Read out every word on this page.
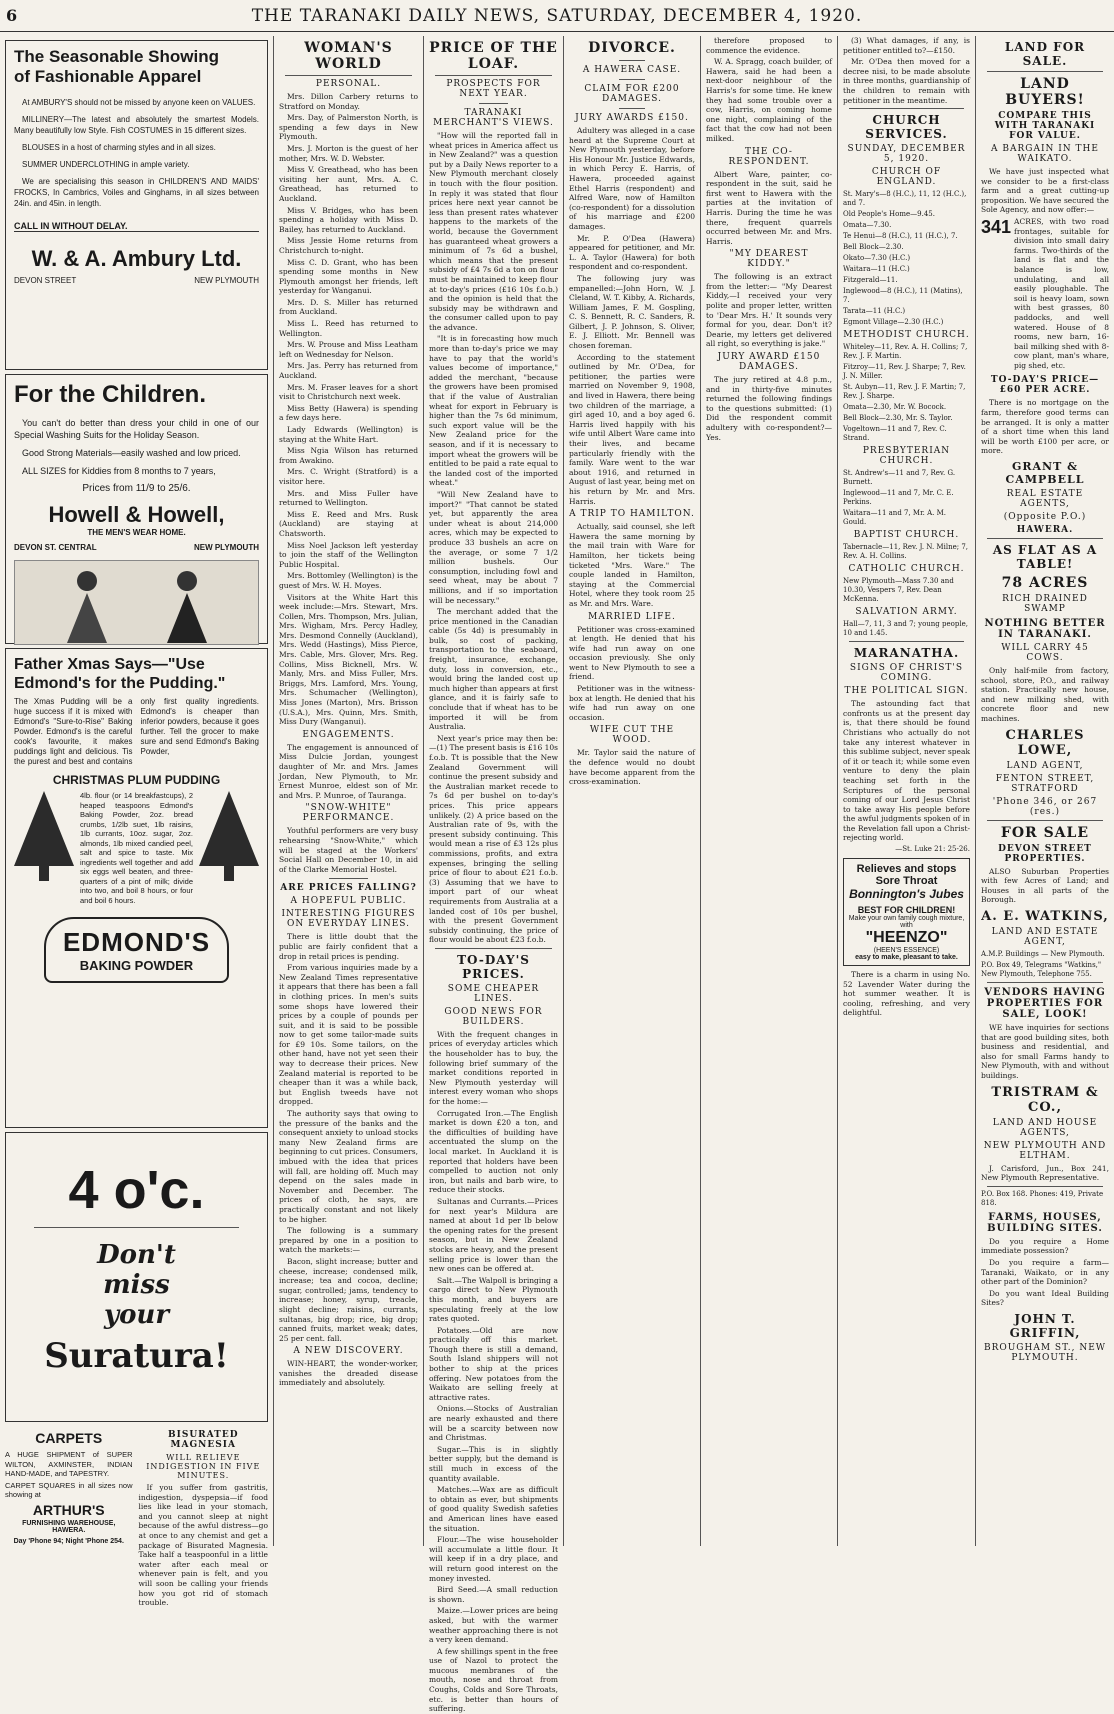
6	THE TARANAKI DAILY NEWS, SATURDAY, DECEMBER 4, 1920.
The Seasonable Showing
of Fashionable Apparel

At AMBURY'S should not be missed by anyone keen on VALUES.

MILLINERY—The latest and absolutely the smartest Models. Many beautifully low Style. Fish COSTUMES in 15 different sizes.

BLOUSES in a host of charming styles and in all sizes.

SUMMER UNDERCLOTHING in ample variety.

We are specialising this season in CHILDREN'S AND MAIDS' FROCKS, In Cambrics, Voiles and Ginghams, in all sizes between 24in. and 45in. in length.

CALL IN WITHOUT DELAY.
W. & A. Ambury Ltd.
DEVON STREET	NEW PLYMOUTH
For the Children.

You can't do better than dress your child in one of our Special Washing Suits for the Holiday Season.

Good Strong Materials—easily washed and low priced.

ALL SIZES for Kiddies from 8 months to 7 years,

Prices from 11/9 to 25/6.
Howell & Howell,
THE MEN'S WEAR HOME.
DEVON ST. CENTRAL	NEW PLYMOUTH
Father Xmas Says—"Use Edmond's for the Pudding."

The Xmas Pudding will be a huge success if it is mixed with Edmond's "Sure-to-Rise" Baking Powder. Edmond's is the careful cook's favourite, it makes puddings light and delicious. Tis the purest and best and contains only first quality ingredients. Edmond's is cheaper than inferior powders, because it goes further. Tell the grocer to make sure and send Edmond's Baking Powder,

CHRISTMAS PLUM PUDDING

4lb. flour (or 14 breakfastcups), 2 heaped teaspoons Edmond's Baking Powder, 2oz. bread crumbs, 1/2lb suet, 1lb raisins, 1lb currants, 10oz. sugar, 2oz. almonds, 1lb mixed candied peel, salt and spice to taste. Mix ingredients well together and add six eggs well beaten, and three-quarters of a pint of milk; divide into two, and boil 8 hours, or four and boil 6 hours.

EDMOND'S
BAKING POWDER
4 o'c.
Don't
miss
your
Suratura!
CARPETS

A HUGE SHIPMENT of SUPER WILTON, AXMINSTER, INDIAN HAND-MADE, and TAPESTRY.

CARPET SQUARES in all sizes now showing at

ARTHUR'S
FURNISHING WAREHOUSE, HAWERA.
Day 'Phone 94; Night 'Phone 254.
BISURATED MAGNESIA
WILL RELIEVE INDIGESTION IN FIVE MINUTES.

If you suffer from gastritis, indigestion, dyspepsia—if food lies like lead in your stomach, and you cannot sleep at night because of the awful distress—go at once to any chemist and get a package of Bisurated Magnesia. Take half a teaspoonful in a little water after each meal or whenever pain is felt, and you will soon be calling your friends how you got rid of stomach trouble.

WOMAN'S WORLD
PERSONAL.

Mrs. Dillon Carbery returns to Stratford on Monday.

Mrs. Day, of Palmerston North, is spending a few days in New Plymouth.

Mrs. J. Morton is the guest of her mother, Mrs. W. D. Webster.

Miss V. Greathead, who has been visiting her aunt, Mrs. A. C. Greathead, has returned to Auckland.

Miss V. Bridges, who has been spending a holiday with Miss D. Bailey, has returned to Auckland.

Miss Jessie Home returns from Christchurch to-night.

Miss C. D. Grant, who has been spending some months in New Plymouth amongst her friends, left yesterday for Wanganui.

Mrs. D. S. Miller has returned from Auckland.

Miss L. Reed has returned to Wellington.

Mrs. W. Prouse and Miss Leatham left on Wednesday for Nelson.

Mrs. Jas. Perry has returned from Auckland.

Mrs. M. Fraser leaves for a short visit to Christchurch next week.

Miss Betty (Hawera) is spending a few days here.

Lady Edwards (Wellington) is staying at the White Hart.

Miss Ngia Wilson has returned from Awakino.

Mrs. C. Wright (Stratford) is a visitor here.

Mrs. and Miss Fuller have returned to Wellington.

Miss E. Reed and Mrs. Rusk (Auckland) are staying at Chatsworth.

Miss Noel Jackson left yesterday to join the staff of the Wellington Public Hospital.

Mrs. Bottomley (Wellington) is the guest of Mrs. W. H. Moyes.

Visitors at the White Hart this week include:—Mrs. Stewart, Mrs. Collen, Mrs. Thompson, Mrs. Julian, Mrs. Wigham, Mrs. Percy Hadley, Mrs. Desmond Connelly (Auckland), Mrs. Wedd (Hastings), Miss Pierce, Mrs. Cable, Mrs. Glover, Mrs. Reg. Collins, Miss Bicknell, Mrs. W. Manly, Mrs. and Miss Fuller, Mrs. Briggs, Mrs. Lamford, Mrs. Young, Mrs. Schumacher (Wellington), Miss Jones (Marton), Mrs. Brisson (U.S.A.), Mrs. Quinn, Mrs. Smith, Miss Dury (Wanganui).

ENGAGEMENTS.

The engagement is announced of Miss Dulcie Jordan, youngest daughter of Mr. and Mrs. James Jordan, New Plymouth, to Mr. Ernest Munroe, eldest son of Mr. and Mrs. P. Munroe, of Tauranga.

"SNOW-WHITE" PERFORMANCE.

Youthful performers are very busy rehearsing "Snow-White," which will be staged at the Workers' Social Hall on December 10, in aid of the Clarke Memorial Hostel.

ARE PRICES FALLING?
A HOPEFUL PUBLIC.
INTERESTING FIGURES ON EVERYDAY LINES.

There is little doubt that the public are fairly confident that a drop in retail prices is pending.

From various inquiries made by a New Zealand Times representative it appears that there has been a fall in clothing prices. In men's suits some shops have lowered their prices by a couple of pounds per suit, and it is said to be possible now to get some tailor-made suits for £9 10s. Some tailors, on the other hand, have not yet seen their way to decrease their prices. New Zealand material is reported to be cheaper than it was a while back, but English tweeds have not dropped.

The authority says that owing to the pressure of the banks and the consequent anxiety to unload stocks many New Zealand firms are beginning to cut prices. Consumers, imbued with the idea that prices will fall, are holding off. Much may depend on the sales made in November and December. The prices of cloth, he says, are practically constant and not likely to be higher.

The following is a summary prepared by one in a position to watch the markets:—

Bacon, slight increase; butter and cheese, increase; condensed milk, increase; tea and cocoa, decline; sugar, controlled; jams, tendency to increase; honey, syrup, treacle, slight decline; raisins, currants, sultanas, big drop; rice, big drop; canned fruits, market weak; dates, 25 per cent. fall.

A NEW DISCOVERY.

WIN-HEART, the wonder-worker, vanishes the dreaded disease immediately and absolutely.

PRICE OF THE LOAF.
PROSPECTS FOR NEXT YEAR.
TARANAKI MERCHANT'S VIEWS.

"How will the reported fall in wheat prices in America affect us in New Zealand?" was a question put by a Daily News reporter to a New Plymouth merchant closely in touch with the flour position. In reply it was stated that flour prices here next year cannot be less than present rates whatever happens to the markets of the world, because the Government has guaranteed wheat growers a minimum of 7s 6d a bushel, which means that the present subsidy of £4 7s 6d a ton on flour must be maintained to keep flour at to-day's prices (£16 10s f.o.b.) and the opinion is held that the subsidy may be withdrawn and the consumer called upon to pay the advance.

"It is in forecasting how much more than to-day's price we may have to pay that the world's values become of importance," added the merchant, "because the growers have been promised that if the value of Australian wheat for export in February is higher than the 7s 6d minimum, such export value will be the New Zealand price for the season, and if it is necessary to import wheat the growers will be entitled to be paid a rate equal to the landed cost of the imported wheat."

"Will New Zealand have to import?" "That cannot be stated yet, but apparently the area under wheat is about 214,000 acres, which may be expected to produce 33 bushels an acre on the average, or some 7 1/2 million bushels. Our consumption, including fowl and seed wheat, may be about 7 millions, and if so importation will be necessary."

The merchant added that the price mentioned in the Canadian cable (5s 4d) is presumably in bulk, so cost of packing, transportation to the seaboard, freight, insurance, exchange, duty, loss in conversion, etc., would bring the landed cost up much higher than appears at first glance, and it is fairly safe to conclude that if wheat has to be imported it will be from Australia.

Next year's price may then be:—(1) The present basis is £16 10s f.o.b. Tt is possible that the New Zealand Government will continue the present subsidy and the Australian market recede to 7s 6d per bushel on to-day's prices. This price appears unlikely. (2) A price based on the Australian rate of 9s, with the present subsidy continuing. This would mean a rise of £3 12s plus commissions, profits, and extra expenses, bringing the selling price of flour to about £21 f.o.b. (3) Assuming that we have to import part of our wheat requirements from Australia at a landed cost of 10s per bushel, with the present Government subsidy continuing, the price of flour would be about £23 f.o.b.

TO-DAY'S PRICES.
SOME CHEAPER LINES.
GOOD NEWS FOR BUILDERS.

With the frequent changes in prices of everyday articles which the householder has to buy, the following brief summary of the market conditions reported in New Plymouth yesterday will interest every woman who shops for the home:—

Corrugated Iron.—The English market is down £20 a ton, and the difficulties of building have accentuated the slump on the local market. In Auckland it is reported that holders have been compelled to auction not only iron, but nails and barb wire, to reduce their stocks.

Sultanas and Currants.—Prices for next year's Mildura are named at about 1d per lb below the opening rates for the present season, but in New Zealand stocks are heavy, and the present selling price is lower than the new ones can be offered at.

Salt.—The Walpoll is bringing a cargo direct to New Plymouth this month, and buyers are speculating freely at the low rates quoted.

Potatoes.—Old are now practically off this market. Though there is still a demand, South Island shippers will not bother to ship at the prices offering. New potatoes from the Waikato are selling freely at attractive rates.

Onions.—Stocks of Australian are nearly exhausted and there will be a scarcity between now and Christmas.

Sugar.—This is in slightly better supply, but the demand is still much in excess of the quantity available.

Matches.—Wax are as difficult to obtain as ever, but shipments of good quality Swedish safeties and American lines have eased the situation.

Flour.—The wise householder will accumulate a little flour. It will keep if in a dry place, and will return good interest on the money invested.

Bird Seed.—A small reduction is shown.

Maize.—Lower prices are being asked, but with the warmer weather approaching there is not a very keen demand.

A few shillings spent in the free use of Nazol to protect the mucous membranes of the mouth, nose and throat from Coughs, Colds and Sore Throats, etc. is better than hours of suffering.

DIVORCE.
A HAWERA CASE.
CLAIM FOR £200 DAMAGES.
JURY AWARDS £150.

Adultery was alleged in a case heard at the Supreme Court at New Plymouth yesterday, before His Honour Mr. Justice Edwards, in which Percy E. Harris, of Hawera, proceeded against Ethel Harris (respondent) and Alfred Ware, now of Hamilton (co-respondent) for a dissolution of his marriage and £200 damages.

Mr. P. O'Dea (Hawera) appeared for petitioner, and Mr. L. A. Taylor (Hawera) for both respondent and co-respondent.

The following jury was empanelled:—John Horn, W. J. Cleland, W. T. Kibby, A. Richards, William James, F. M. Gospling, C. S. Bennett, R. C. Sanders, R. Gilbert, J. P. Johnson, S. Oliver, E. J. Elliott. Mr. Bennell was chosen foreman.

According to the statement outlined by Mr. O'Dea, for petitioner, the parties were married on November 9, 1908, and lived in Hawera, there being two children of the marriage, a girl aged 10, and a boy aged 6. Harris lived happily with his wife until Albert Ware came into their lives, and became particularly friendly with the family. Ware went to the war about 1916, and returned in August of last year, being met on his return by Mr. and Mrs. Harris.

A TRIP TO HAMILTON.

Actually, said counsel, she left Hawera the same morning by the mail train with Ware for Hamilton, her tickets being ticketed "Mrs. Ware." The couple landed in Hamilton, staying at the Commercial Hotel, where they took room 25 as Mr. and Mrs. Ware.

MARRIED LIFE.

Petitioner was cross-examined at length. He denied that his wife had run away on one occasion previously. She only went to New Plymouth to see a friend.

Petitioner was in the witness-box at length. He denied that his wife had run away on one occasion.

WIFE CUT THE WOOD.

Mr. Taylor said the nature of the defence would no doubt have become apparent from the cross-examination.

therefore proposed to commence the evidence.

W. A. Spragg, coach builder, of Hawera, said he had been a next-door neighbour of the Harris's for some time. He knew they had some trouble over a cow, Harris, on coming home one night, complaining of the fact that the cow had not been milked.

THE CO-RESPONDENT.

Albert Ware, painter, co-respondent in the suit, said he first went to Hawera with the parties at the invitation of Harris. During the time he was there, frequent quarrels occurred between Mr. and Mrs. Harris.

"MY DEAREST KIDDY."

The following is an extract from the letter:— "My Dearest Kiddy,—I received your very polite and proper letter, written to 'Dear Mrs. H.' It sounds very formal for you, dear. Don't it? Dearie, my letters get delivered all right, so everything is jake."

JURY AWARD £150 DAMAGES.

The jury retired at 4.8 p.m., and in thirty-five minutes returned the following findings to the questions submitted: (1) Did the respondent commit adultery with co-respondent?—Yes.

(3) What damages, if any, is petitioner entitled to?—£150.

Mr. O'Dea then moved for a decree nisi, to be made absolute in three months, guardianship of the children to remain with petitioner in the meantime.

CHURCH SERVICES.
SUNDAY, DECEMBER 5, 1920.
CHURCH OF ENGLAND.
St. Mary's—8 (H.C.), 11, 12 (H.C.), and 7.
Old People's Home—9.45.
Omata—7.30.
Te Henui—8 (H.C.), 11 (H.C.), 7.
Bell Block—2.30.
Okato—7.30 (H.C.)
Waitara—11 (H.C.)
Fitzgerald—11.
Inglewood—8 (H.C.), 11 (Matins), 7.
Tarata—11 (H.C.)
Egmont Village—2.30 (H.C.)
METHODIST CHURCH.
Whiteley—11, Rev. A. H. Collins; 7, Rev. J. F. Martin.
Fitzroy—11, Rev. J. Sharpe; 7, Rev. J. N. Miller.
St. Aubyn—11, Rev. J. F. Martin; 7, Rev. J. Sharpe.
Omata—2.30, Mr. W. Bocock.
Bell Block—2.30, Mr. S. Taylor.
Vogeltown—11 and 7, Rev. C. Strand.
PRESBYTERIAN CHURCH.
St. Andrew's—11 and 7, Rev. G. Burnett.
Inglewood—11 and 7, Mr. C. E. Perkins.
Waitara—11 and 7, Mr. A. M. Gould.
BAPTIST CHURCH.
Tabernacle—11, Rev. J. N. Milne; 7, Rev. A. H. Collins.
CATHOLIC CHURCH.
New Plymouth—Mass 7.30 and 10.30, Vespers 7, Rev. Dean McKenna.
SALVATION ARMY.
Hall—7, 11, 3 and 7; young people, 10 and 1.45.
MARANATHA.
SIGNS OF CHRIST'S COMING.
THE POLITICAL SIGN.

The astounding fact that confronts us at the present day is, that there should be found Christians who actually do not take any interest whatever in this sublime subject, never speak of it or teach it; while some even venture to deny the plain teaching set forth in the Scriptures of the personal coming of our Lord Jesus Christ to take away His people before the awful judgments spoken of in the Revelation fall upon a Christ-rejecting world.

—St. Luke 21: 25-26.
Relieves and stops Sore Throat
Bonnington's Jubes
BEST FOR CHILDREN!
Make your own family cough mixture, with
"HEENZO"
(HEEN'S ESSENCE)
easy to make, pleasant to take.

There is a charm in using No. 52 Lavender Water during the hot summer weather. It is cooling, refreshing, and very delightful.

LAND FOR SALE.
LAND BUYERS!
COMPARE THIS WITH TARANAKI FOR VALUE.
A BARGAIN IN THE WAIKATO.

We have just inspected what we consider to be a first-class farm and a great cutting-up proposition. We have secured the Sole Agency, and now offer:—

341 ACRES, with two road frontages, suitable for division into small dairy farms. Two-thirds of the land is flat and the balance is low, undulating, and all easily ploughable. The soil is heavy loam, sown with best grasses, 80 paddocks, and well watered. House of 8 rooms, new barn, 16-bail milking shed with 8-cow plant, man's whare, pig shed, etc.

TO-DAY'S PRICE—£60 PER ACRE.

There is no mortgage on the farm, therefore good terms can be arranged. It is only a matter of a short time when this land will be worth £100 per acre, or more.

GRANT & CAMPBELL
REAL ESTATE AGENTS,
(Opposite P.O.)
HAWERA.
AS FLAT AS A TABLE!
78 ACRES
RICH DRAINED SWAMP
NOTHING BETTER IN TARANAKI.
WILL CARRY 45 COWS.

Only half-mile from factory, school, store, P.O., and railway station. Practically new house, and new milking shed, with concrete floor and new machines.

CHARLES LOWE,
LAND AGENT,
FENTON STREET, STRATFORD
'Phone 346, or 267 (res.)
FOR SALE
DEVON STREET PROPERTIES.

ALSO Suburban Properties with few Acres of Land; and Houses in all parts of the Borough.

A. E. WATKINS,
LAND AND ESTATE AGENT,
A.M.P. Buildings — New Plymouth.
P.O. Box 49, Telegrams "Watkins," New Plymouth, Telephone 755.
VENDORS HAVING PROPERTIES FOR SALE, LOOK!

WE have inquiries for sections that are good building sites, both business and residential, and also for small Farms handy to New Plymouth, with and without buildings.

TRISTRAM & CO.,
LAND AND HOUSE AGENTS,
NEW PLYMOUTH AND ELTHAM.

J. Carisford, Jun., Box 241, New Plymouth Representative.

P.O. Box 168. Phones: 419, Private 818.
FARMS, HOUSES, BUILDING SITES.

Do you require a Home immediate possession?

Do you require a farm—Taranaki, Waikato, or in any other part of the Dominion?

Do you want Ideal Building Sites?

JOHN T. GRIFFIN,
BROUGHAM ST., NEW PLYMOUTH.
